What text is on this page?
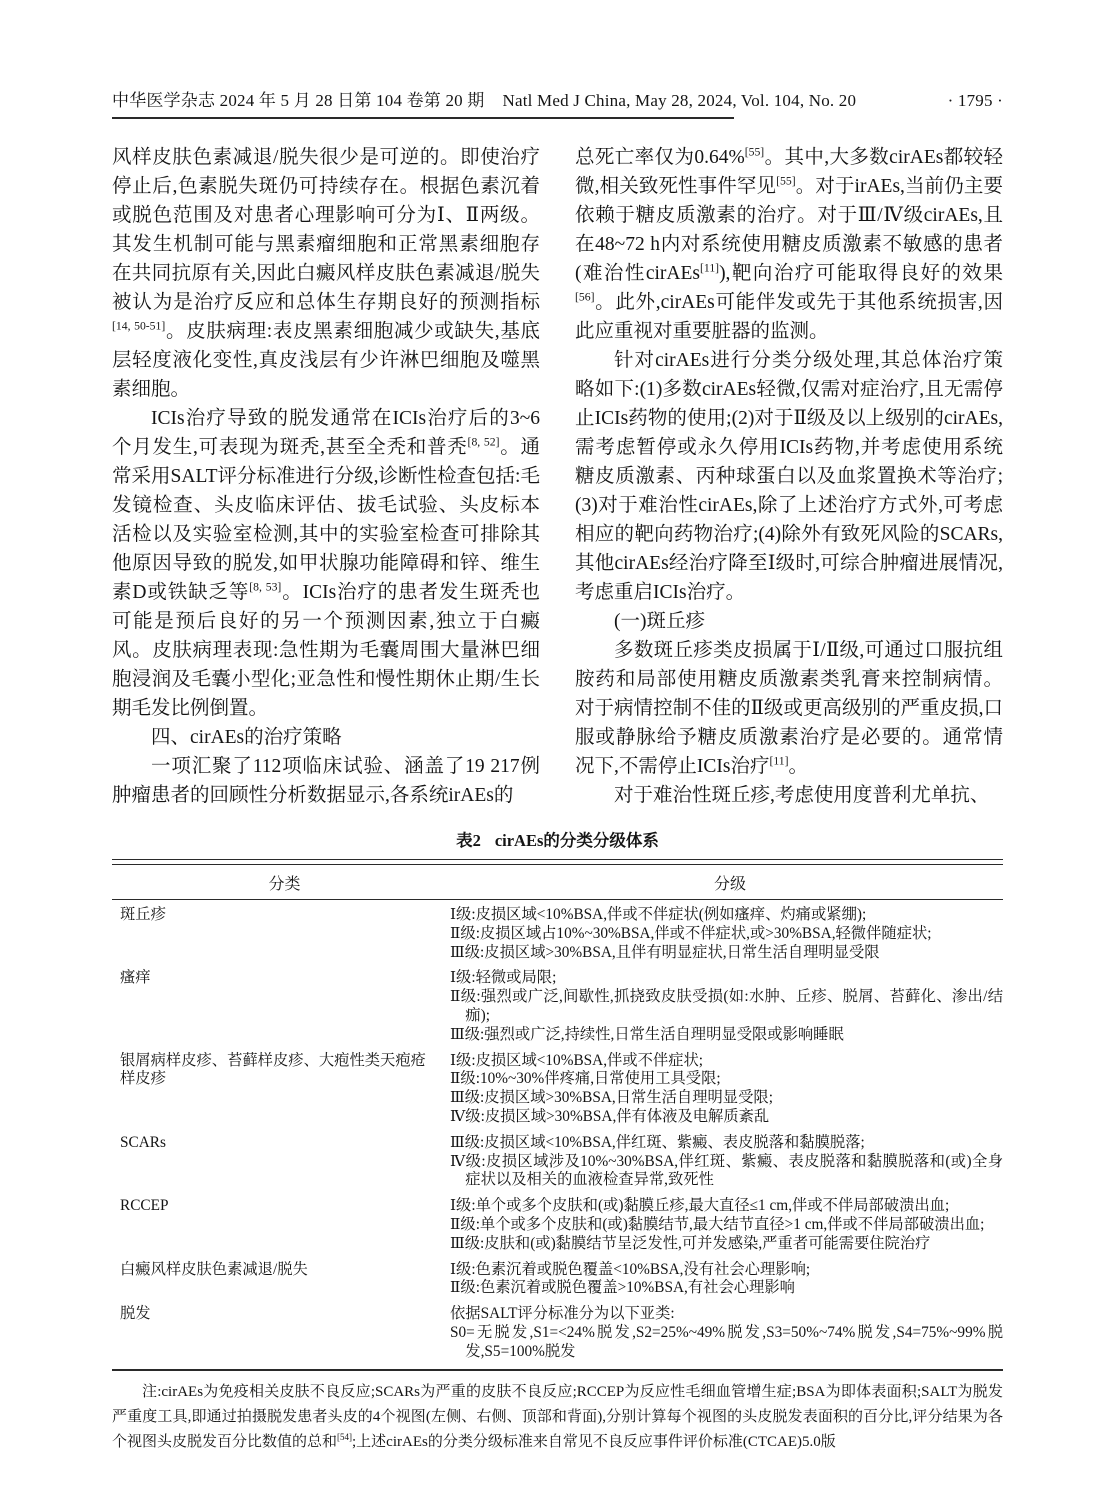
中华医学杂志 2024 年 5 月 28 日第 104 卷第 20 期 Natl Med J China, May 28, 2024, Vol. 104, No. 20	· 1795 ·

风样皮肤色素减退/脱失很少是可逆的。即使治疗停止后,色素脱失斑仍可持续存在。根据色素沉着或脱色范围及对患者心理影响可分为Ⅰ、Ⅱ两级。其发生机制可能与黑素瘤细胞和正常黑素细胞存在共同抗原有关,因此白癜风样皮肤色素减退/脱失被认为是治疗反应和总体生存期良好的预测指标[14, 50-51]。皮肤病理:表皮黑素细胞减少或缺失,基底层轻度液化变性,真皮浅层有少许淋巴细胞及噬黑素细胞。

ICIs治疗导致的脱发通常在ICIs治疗后的3~6个月发生,可表现为斑秃,甚至全秃和普秃[8, 52]。通常采用SALT评分标准进行分级,诊断性检查包括:毛发镜检查、头皮临床评估、拔毛试验、头皮标本活检以及实验室检测,其中的实验室检查可排除其他原因导致的脱发,如甲状腺功能障碍和锌、维生素D或铁缺乏等[8, 53]。ICIs治疗的患者发生斑秃也可能是预后良好的另一个预测因素,独立于白癜风。皮肤病理表现:急性期为毛囊周围大量淋巴细胞浸润及毛囊小型化;亚急性和慢性期休止期/生长期毛发比例倒置。

四、cirAEs的治疗策略

一项汇聚了112项临床试验、涵盖了19 217例肿瘤患者的回顾性分析数据显示,各系统irAEs的

总死亡率仅为0.64%[55]。其中,大多数cirAEs都较轻微,相关致死性事件罕见[55]。对于irAEs,当前仍主要依赖于糖皮质激素的治疗。对于Ⅲ/Ⅳ级cirAEs,且在48~72 h内对系统使用糖皮质激素不敏感的患者(难治性cirAEs[11]),靶向治疗可能取得良好的效果[56]。此外,cirAEs可能伴发或先于其他系统损害,因此应重视对重要脏器的监测。

针对cirAEs进行分类分级处理,其总体治疗策略如下:(1)多数cirAEs轻微,仅需对症治疗,且无需停止ICIs药物的使用;(2)对于Ⅱ级及以上级别的cirAEs,需考虑暂停或永久停用ICIs药物,并考虑使用系统糖皮质激素、丙种球蛋白以及血浆置换术等治疗;(3)对于难治性cirAEs,除了上述治疗方式外,可考虑相应的靶向药物治疗;(4)除外有致死风险的SCARs,其他cirAEs经治疗降至Ⅰ级时,可综合肿瘤进展情况,考虑重启ICIs治疗。

(一)斑丘疹

多数斑丘疹类皮损属于Ⅰ/Ⅱ级,可通过口服抗组胺药和局部使用糖皮质激素类乳膏来控制病情。对于病情控制不佳的Ⅱ级或更高级别的严重皮损,口服或静脉给予糖皮质激素治疗是必要的。通常情况下,不需停止ICIs治疗[11]。

对于难治性斑丘疹,考虑使用度普利尤单抗、

表2 cirAEs的分类分级体系
分类	分级
斑丘疹	Ⅰ级:皮损区域<10%BSA,伴或不伴症状(例如瘙痒、灼痛或紧绷);
Ⅱ级:皮损区域占10%~30%BSA,伴或不伴症状,或>30%BSA,轻微伴随症状;
Ⅲ级:皮损区域>30%BSA,且伴有明显症状,日常生活自理明显受限
瘙痒	Ⅰ级:轻微或局限;
Ⅱ级:强烈或广泛,间歇性,抓挠致皮肤受损(如:水肿、丘疹、脱屑、苔藓化、渗出/结痂);
Ⅲ级:强烈或广泛,持续性,日常生活自理明显受限或影响睡眠
银屑病样皮疹、苔藓样皮疹、大疱性类天疱疮样皮疹
Ⅰ级:皮损区域<10%BSA,伴或不伴症状;
Ⅱ级:10%~30%伴疼痛,日常使用工具受限;
Ⅲ级:皮损区域>30%BSA,日常生活自理明显受限;
Ⅳ级:皮损区域>30%BSA,伴有体液及电解质紊乱
SCARs	Ⅲ级:皮损区域<10%BSA,伴红斑、紫癜、表皮脱落和黏膜脱落;
Ⅳ级:皮损区域涉及10%~30%BSA,伴红斑、紫癜、表皮脱落和黏膜脱落和(或)全身症状以及相关的血液检查异常,致死性
RCCEP	Ⅰ级:单个或多个皮肤和(或)黏膜丘疹,最大直径≤1 cm,伴或不伴局部破溃出血;
Ⅱ级:单个或多个皮肤和(或)黏膜结节,最大结节直径>1 cm,伴或不伴局部破溃出血;
Ⅲ级:皮肤和(或)黏膜结节呈泛发性,可并发感染,严重者可能需要住院治疗
白癜风样皮肤色素减退/脱失	Ⅰ级:色素沉着或脱色覆盖<10%BSA,没有社会心理影响;
Ⅱ级:色素沉着或脱色覆盖>10%BSA,有社会心理影响
脱发	依据SALT评分标准分为以下亚类:
S0=无脱发,S1=<24%脱发,S2=25%~49%脱发,S3=50%~74%脱发,S4=75%~99%脱发,S5=100%脱发
注:cirAEs为免疫相关皮肤不良反应;SCARs为严重的皮肤不良反应;RCCEP为反应性毛细血管增生症;BSA为即体表面积;SALT为脱发严重度工具,即通过拍摄脱发患者头皮的4个视图(左侧、右侧、顶部和背面),分别计算每个视图的头皮脱发表面积的百分比,评分结果为各个视图头皮脱发百分比数值的总和[54];上述cirAEs的分类分级标准来自常见不良反应事件评价标准(CTCAE)5.0版
